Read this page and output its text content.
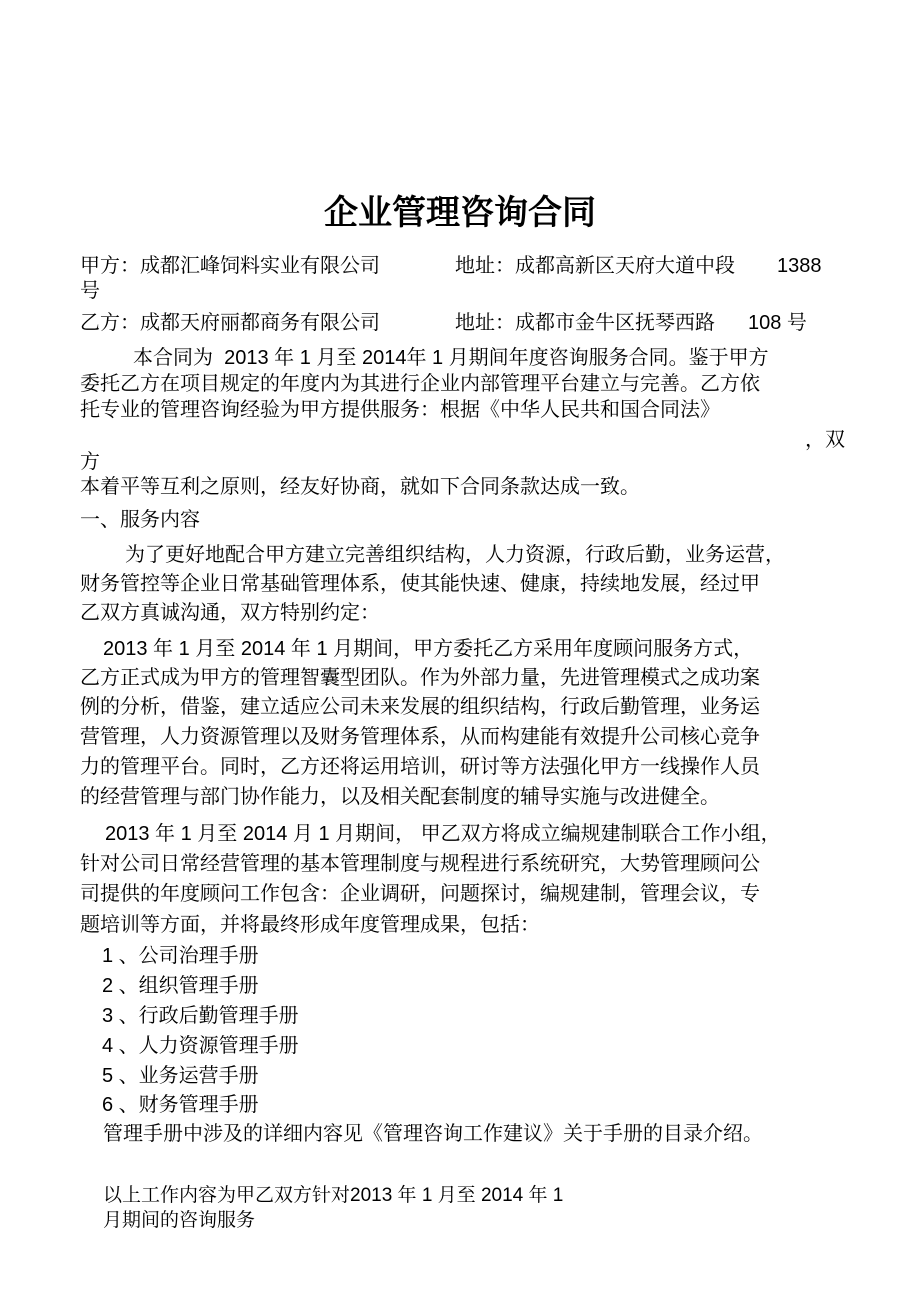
企业管理咨询合同
甲方：成都汇峰饲料实业有限公司	地址：成都高新区天府大道中段 1388
号
乙方：成都天府丽都商务有限公司	地址：成都市金牛区抚琴西路 108 号
本合同为  2013 年 1 月至 2014年 1 月期间年度咨询服务合同。鉴于甲方
委托乙方在项目规定的年度内为其进行企业内部管理平台建立与完善。乙方依
托专业的管理咨询经验为甲方提供服务：根据《中华人民共和国合同法》
，双
方
本着平等互利之原则，经友好协商，就如下合同条款达成一致。
一、服务内容
为了更好地配合甲方建立完善组织结构，人力资源，行政后勤，业务运营，
财务管控等企业日常基础管理体系，使其能快速、健康，持续地发展，经过甲
乙双方真诚沟通，双方特别约定：
2013 年 1 月至 2014 年 1 月期间，甲方委托乙方采用年度顾问服务方式，
乙方正式成为甲方的管理智囊型团队。作为外部力量，先进管理模式之成功案
例的分析，借鉴，建立适应公司未来发展的组织结构，行政后勤管理，业务运
营管理，人力资源管理以及财务管理体系，从而构建能有效提升公司核心竞争
力的管理平台。同时，乙方还将运用培训，研讨等方法强化甲方一线操作人员
的经营管理与部门协作能力，以及相关配套制度的辅导实施与改进健全。
2013 年 1 月至 2014 月 1 月期间， 甲乙双方将成立编规建制联合工作小组，
针对公司日常经营管理的基本管理制度与规程进行系统研究，大势管理顾问公
司提供的年度顾问工作包含：企业调研，问题探讨，编规建制，管理会议，专
题培训等方面，并将最终形成年度管理成果，包括：
1 、公司治理手册
2 、组织管理手册
3 、行政后勤管理手册
4 、人力资源管理手册
5 、业务运营手册
6 、财务管理手册
管理手册中涉及的详细内容见《管理咨询工作建议》关于手册的目录介绍。
以上工作内容为甲乙双方针对2013 年 1 月至 2014 年 1
月期间的咨询服务
